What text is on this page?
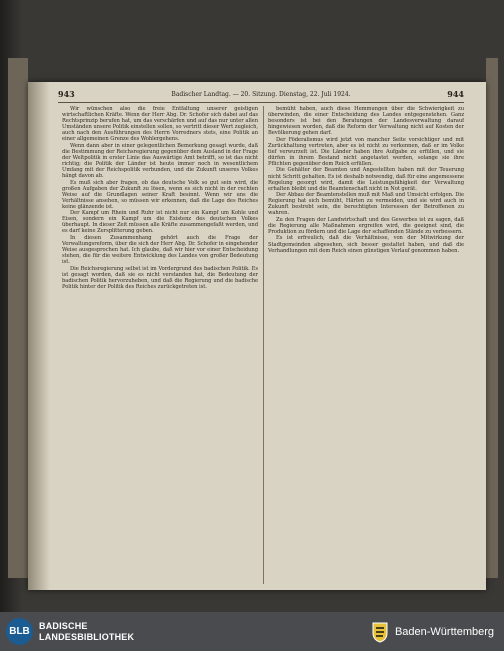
943	Badischer Landtag. — 20. Sitzung. Dienstag, 22. Juli 1924.	944

Wir wünschen also die freie Entfaltung unserer geistigen wirtschaftlichen Kräfte. Wenn der Herr Abg. Dr. Schofer sich dabei auf das Rechtsprinzip berufen hat, um das verschärfen und auf das nur unter allen Umständen unsere Politik einstellen sollen, so vertritt dieser Wert zugleich, auch nach den Ausführungen des Herrn Vorredners stets, eine Politik an einer allgemeinen Grenze des Wohlergehens.

Wenn dann aber in einer gelegentlichen Bemerkung gesagt wurde, daß die Bestimmung der Reichsregierung gegenüber dem Ausland in der Frage der Weltpolitik in erster Linie das Auswärtige Amt betrifft, so ist das nicht richtig; die Politik der Länder ist heute immer noch in wesentlichem Umfang mit der Reichspolitik verbunden, und die Zukunft unseres Volkes hängt davon ab.

Es muß sich aber fragen, ob das deutsche Volk so gut sein wird, die großen Aufgaben der Zukunft zu lösen, wenn es sich nicht in der rechten Weise auf die Grundlagen seiner Kraft besinnt. Wenn wir uns die Verhältnisse ansehen, so müssen wir erkennen, daß die Lage des Reiches keine glänzende ist.

Der Kampf um Rhein und Ruhr ist nicht nur ein Kampf um Kohle und Eisen, sondern ein Kampf um die Existenz des deutschen Volkes überhaupt. In dieser Zeit müssen alle Kräfte zusammengefaßt werden, und es darf keine Zersplitterung geben.

In diesen Zusammenhang gehört auch die Frage der Verwaltungsreform, über die sich der Herr Abg. Dr. Schofer in eingehender Weise ausgesprochen hat. Ich glaube, daß wir hier vor einer Entscheidung stehen, die für die weitere Entwicklung des Landes von großer Bedeutung ist.

Die Reichsregierung selbst ist im Vordergrund des badischen Politik. Es ist gesagt worden, daß sie es nicht verstanden hat, die Bedeutung der badischen Politik hervorzuheben, und daß die Regierung und die badische Politik hinter der Politik des Reiches zurückgetreten ist.

bemüht haben, auch diese Hemmungen über die Schwierigkeit zu überwinden, die einer Entscheidung des Landes entgegenstehen. Ganz besonders ist bei den Beratungen der Landesverwaltung darauf hingewiesen worden, daß die Reform der Verwaltung nicht auf Kosten der Bevölkerung gehen darf.

Der Föderalismus wird jetzt von mancher Seite vorsichtiger und mit Zurückhaltung vertreten, aber es ist nicht zu verkennen, daß er im Volke tief verwurzelt ist. Die Länder haben ihre Aufgabe zu erfüllen, und sie dürfen in ihrem Bestand nicht angetastet werden, solange sie ihre Pflichten gegenüber dem Reich erfüllen.

Die Gehälter der Beamten und Angestellten haben mit der Teuerung nicht Schritt gehalten. Es ist deshalb notwendig, daß für eine angemessene Regelung gesorgt wird, damit die Leistungsfähigkeit der Verwaltung erhalten bleibt und die Beamtenschaft nicht in Not gerät.

Der Abbau der Beamtenstellen muß mit Maß und Umsicht erfolgen. Die Regierung hat sich bemüht, Härten zu vermeiden, und sie wird auch in Zukunft bestrebt sein, die berechtigten Interessen der Betroffenen zu wahren.

Zu den Fragen der Landwirtschaft und des Gewerbes ist zu sagen, daß die Regierung alle Maßnahmen ergreifen wird, die geeignet sind, die Produktion zu fördern und die Lage der schaffenden Stände zu verbessern.

Es ist erfreulich, daß die Verhältnisse, von der Mitwirkung der Stadtgemeinden abgesehen, sich besser gestaltet haben, und daß die Verhandlungen mit dem Reich einen günstigen Verlauf genommen haben.

BLB
BADISCHE
LANDESBIBLIOTHEK	Baden-Württemberg
